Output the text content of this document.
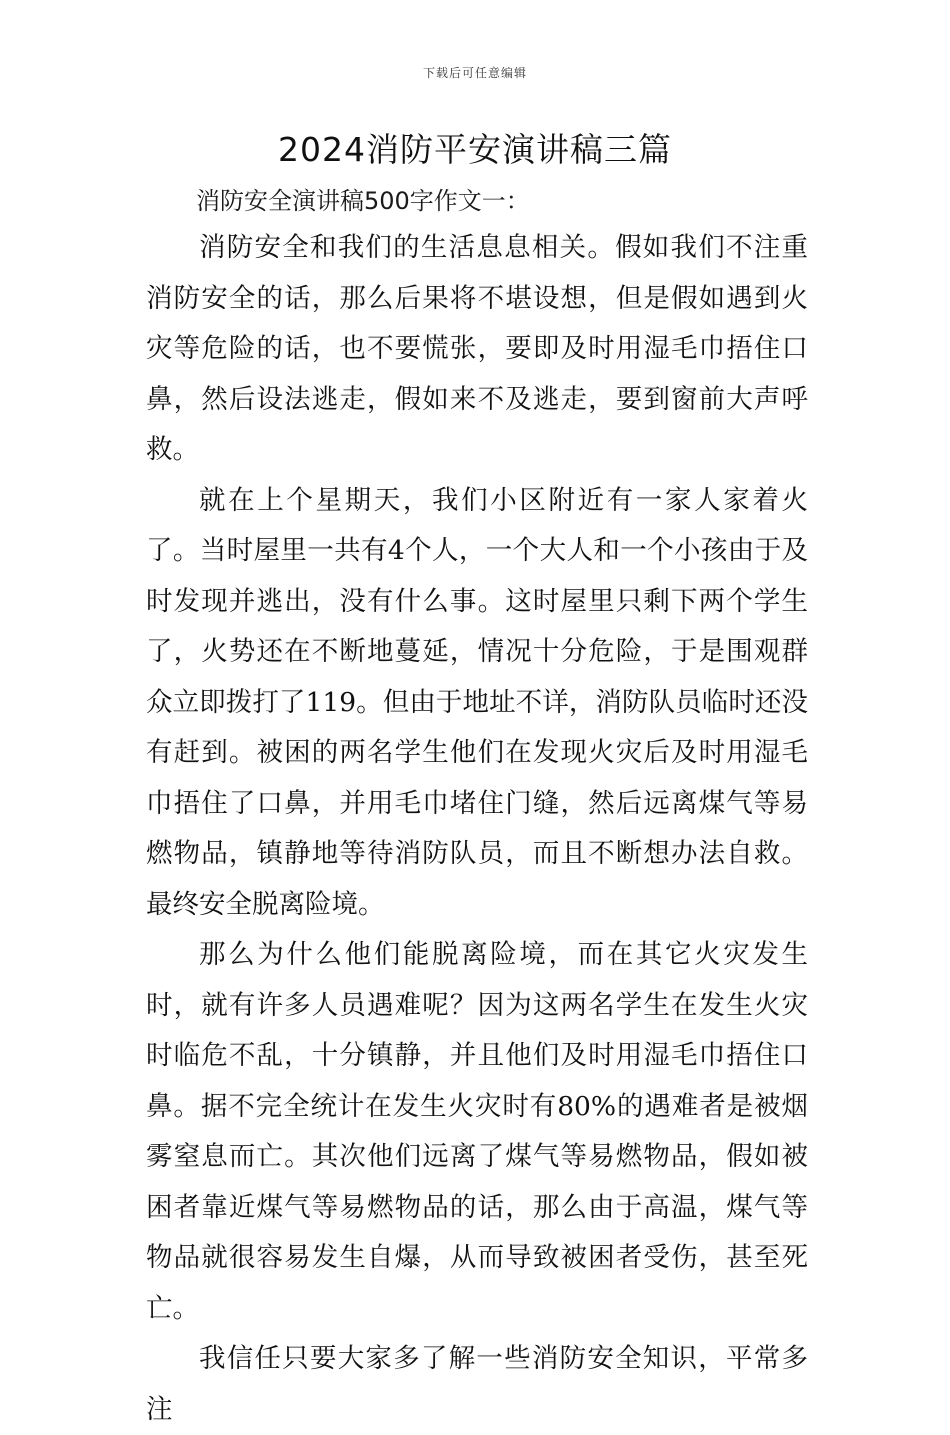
下载后可任意编辑
2024消防平安演讲稿三篇
消防安全演讲稿500字作文一：

消防安全和我们的生活息息相关。假如我们不注重消防安全的话，那么后果将不堪设想，但是假如遇到火灾等危险的话，也不要慌张，要即及时用湿毛巾捂住口鼻，然后设法逃走，假如来不及逃走，要到窗前大声呼救。

就在上个星期天，我们小区附近有一家人家着火了。当时屋里一共有4个人，一个大人和一个小孩由于及时发现并逃出，没有什么事。这时屋里只剩下两个学生了，火势还在不断地蔓延，情况十分危险，于是围观群众立即拨打了119。但由于地址不详，消防队员临时还没有赶到。被困的两名学生他们在发现火灾后及时用湿毛巾捂住了口鼻，并用毛巾堵住门缝，然后远离煤气等易燃物品，镇静地等待消防队员，而且不断想办法自救。最终安全脱离险境。

那么为什么他们能脱离险境，而在其它火灾发生时，就有许多人员遇难呢？因为这两名学生在发生火灾时临危不乱，十分镇静，并且他们及时用湿毛巾捂住口鼻。据不完全统计在发生火灾时有80%的遇难者是被烟雾窒息而亡。其次他们远离了煤气等易燃物品，假如被困者靠近煤气等易燃物品的话，那么由于高温，煤气等物品就很容易发生自爆，从而导致被困者受伤，甚至死亡。

我信任只要大家多了解一些消防安全知识，平常多注
